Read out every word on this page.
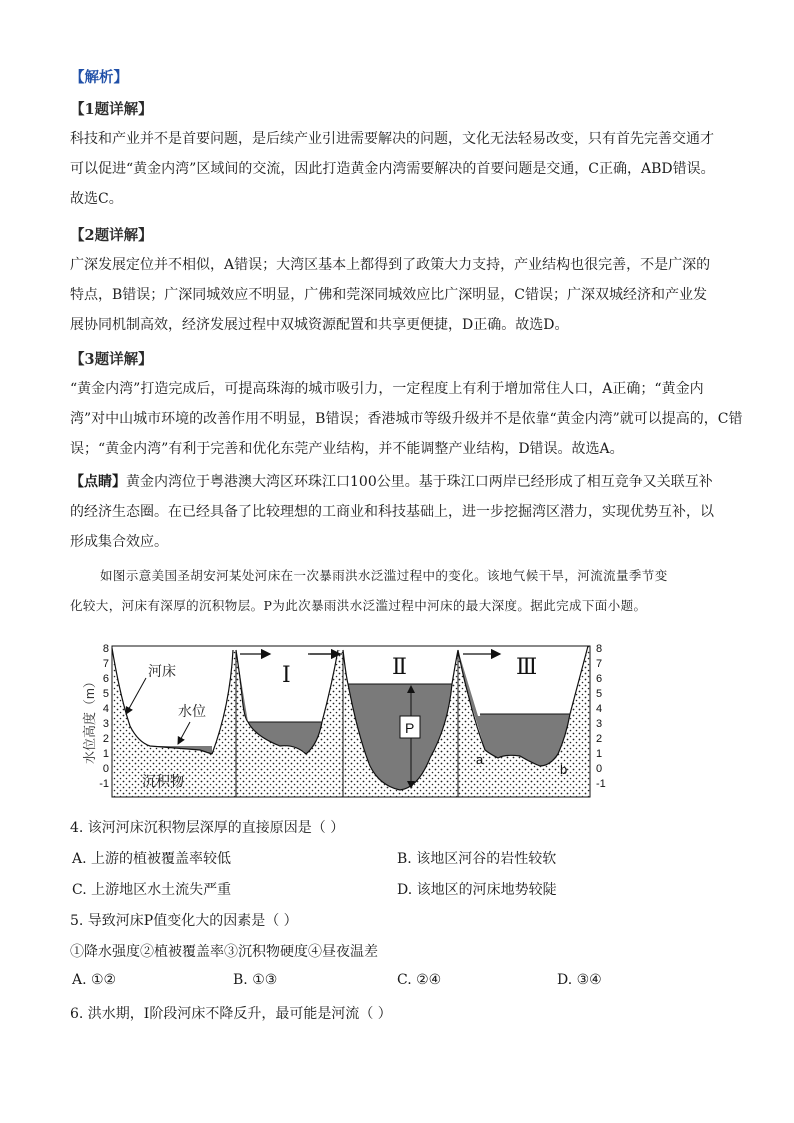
【解析】
【1题详解】
科技和产业并不是首要问题，是后续产业引进需要解决的问题，文化无法轻易改变，只有首先完善交通才
可以促进“黄金内湾”区域间的交流，因此打造黄金内湾需要解决的首要问题是交通，C正确，ABD错误。
故选C。
【2题详解】
广深发展定位并不相似，A错误；大湾区基本上都得到了政策大力支持，产业结构也很完善，不是广深的
特点，B错误；广深同城效应不明显，广佛和莞深同城效应比广深明显，C错误；广深双城经济和产业发
展协同机制高效，经济发展过程中双城资源配置和共享更便捷，D正确。故选D。
【3题详解】
“黄金内湾”打造完成后，可提高珠海的城市吸引力，一定程度上有利于增加常住人口，A正确；“黄金内
湾”对中山城市环境的改善作用不明显，B错误；香港城市等级升级并不是依靠“黄金内湾”就可以提高的，C错
误；“黄金内湾”有利于完善和优化东莞产业结构，并不能调整产业结构，D错误。故选A。
【点睛】黄金内湾位于粤港澳大湾区环珠江口100公里。基于珠江口两岸已经形成了相互竞争又关联互补
的经济生态圈。在已经具备了比较理想的工商业和科技基础上，进一步挖掘湾区潜力，实现优势互补，以
形成集合效应。
如图示意美国圣胡安河某处河床在一次暴雨洪水泛滥过程中的变化。该地气候干旱，河流流量季节变
化较大，河床有深厚的沉积物层。P为此次暴雨洪水泛滥过程中河床的最大深度。据此完成下面小题。
水位高度（m）
河床
水位
沉积物
Ⅰ	Ⅱ	Ⅲ
P
a
b
8
7
6
5
4
3
2
1
0
-1
8
7
6
5
4
3
2
1
0
-1
4. 该河河床沉积物层深厚的直接原因是（ ）
A. 上游的植被覆盖率较低	B. 该地区河谷的岩性较软
C. 上游地区水土流失严重	D. 该地区的河床地势较陡
5. 导致河床P值变化大的因素是（ ）
①降水强度②植被覆盖率③沉积物硬度④昼夜温差
A. ①②	B. ①③	C. ②④	D. ③④
6. 洪水期，I阶段河床不降反升，最可能是河流（ ）
